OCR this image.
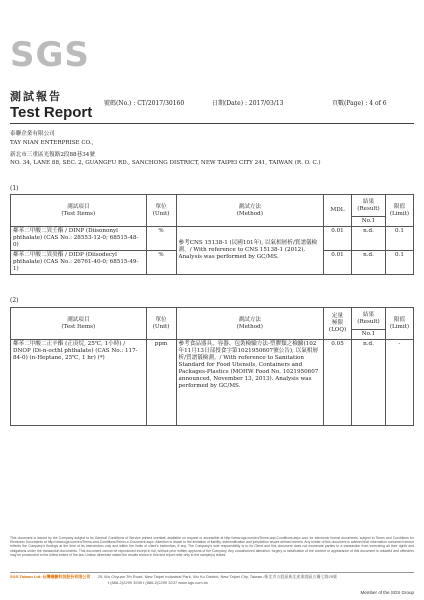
SGS
測試報告
Test Report
號碼(No.) : CT/2017/30160	日期(Date) : 2017/03/13	頁數(Page) : 4 of 6
泰聯企業有限公司
TAY NIAN ENTERPRISE CO.,
新北市三重區光復路2段88巷34號
NO. 34, LANE 88, SEC. 2, GUANGFU RD., SANCHONG DISTRICT, NEW TAIPEI CITY 241, TAIWAN (R. O. C.)
(1)
測試項目
(Test Items)	單位
(Unit)	測試方法
(Method)	MDL	結果
(Result)	限值
(Limit)
				No.1	
鄰苯二甲酸二異壬酯 / DINP (Diisononyl phthalate) (CAS No.: 28553-12-0; 68515-48-0)	%	參考CNS 15138-1 (民國101年), 以氣相層析/質譜儀檢測。/ With reference to CNS 15138-1 (2012). Analysis was performed by GC/MS.	0.01	n.d.	0.1
鄰苯二甲酸二異癸酯 / DIDP (Diisodecyl phthalate) (CAS No.: 26761-40-0; 68515-49-1)	%		0.01	n.d.	0.1
(2)
測試項目
(Test Items)	單位
(Unit)	測試方法
(Method)	定量
極限
(LOQ)	結果
(Result)	限值
(Limit)
				No.1	
鄰苯二甲酸二正辛酯 (正庚烷, 25℃, 1小時) / DNOP (Di-n-octhl phthalate) (CAS No.: 117-84-0) (n-Heptane, 25℃, 1 hr) (*)	ppm	參考食品器具、容器、包裝檢驗方法-塑膠類之檢驗(102年11月13日部授食字第1021950607號公告), 以氣相層析/質譜儀檢測。/ With reference to Sanitation Standard for Food Utensils, Containers and Packages-Plastics (MOHW Food No. 1021950607 announced, November 13, 2013). Analysis was performed by GC/MS.	0.05	n.d.	-
This document is issued by the Company subject to its General Conditions of Service printed overleaf, available on request or accessible at http://www.sgs.com/en/Terms-and-Conditions.aspx and, for electronic format documents, subject to Terms and Conditions for Electronic Documents at http://www.sgs.com/en/Terms-and-Conditions/Terms-e-Document.aspx. Attention is drawn to the limitation of liability, indemnification and jurisdiction issues defined therein. Any holder of this document is advised that information contained hereon reflects the Company's findings at the time of its intervention only and within the limits of client's instruction, if any. The Company's sole responsibility is to its Client and this document does not exonerate parties to a transaction from exercising all their rights and obligations under the transaction documents. This document cannot be reproduced except in full, without prior written approval of the Company. Any unauthorized alteration, forgery or falsification of the content or appearance of this document is unlawful and offenders may be prosecuted to the fullest extent of the law. Unless otherwise stated the results shown in this test report refer only to the sample(s) tested.
SGS Taiwan Ltd. 台灣檢驗科技股份有限公司 25, Wu Chyuan 7th Road, New Taipei Industrial Park, Wu Ku District, New Taipei City, Taiwan /新北市五股區新北產業園區五權七路25號
t (886-2)2299 3939 f (886-2)2299 3237 www.sgs.com.tw
Member of the SGS Group
